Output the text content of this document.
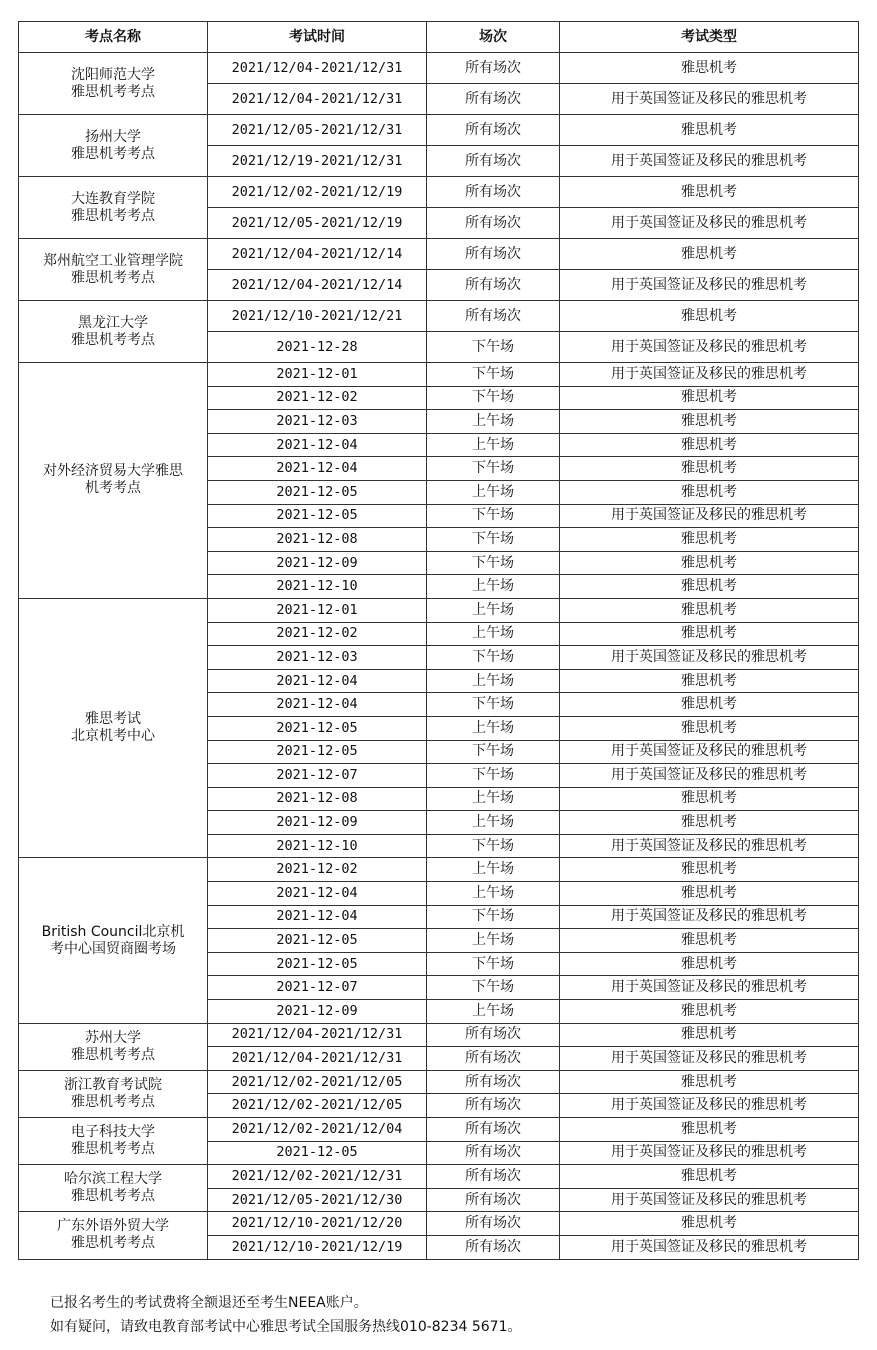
考点名称	考试时间	场次	考试类型
沈阳师范大学
雅思机考考点	2021/12/04-2021/12/31	所有场次	雅思机考
	2021/12/04-2021/12/31	所有场次	用于英国签证及移民的雅思机考
扬州大学
雅思机考考点	2021/12/05-2021/12/31	所有场次	雅思机考
	2021/12/19-2021/12/31	所有场次	用于英国签证及移民的雅思机考
大连教育学院
雅思机考考点	2021/12/02-2021/12/19	所有场次	雅思机考
	2021/12/05-2021/12/19	所有场次	用于英国签证及移民的雅思机考
郑州航空工业管理学院
雅思机考考点	2021/12/04-2021/12/14	所有场次	雅思机考
	2021/12/04-2021/12/14	所有场次	用于英国签证及移民的雅思机考
黑龙江大学
雅思机考考点	2021/12/10-2021/12/21	所有场次	雅思机考
	2021-12-28	下午场	用于英国签证及移民的雅思机考
对外经济贸易大学雅思
机考考点	2021-12-01	下午场	用于英国签证及移民的雅思机考
	2021-12-02	下午场	雅思机考
	2021-12-03	上午场	雅思机考
	2021-12-04	上午场	雅思机考
	2021-12-04	下午场	雅思机考
	2021-12-05	上午场	雅思机考
	2021-12-05	下午场	用于英国签证及移民的雅思机考
	2021-12-08	下午场	雅思机考
	2021-12-09	下午场	雅思机考
	2021-12-10	上午场	雅思机考
雅思考试
北京机考中心	2021-12-01	上午场	雅思机考
	2021-12-02	上午场	雅思机考
	2021-12-03	下午场	用于英国签证及移民的雅思机考
	2021-12-04	上午场	雅思机考
	2021-12-04	下午场	雅思机考
	2021-12-05	上午场	雅思机考
	2021-12-05	下午场	用于英国签证及移民的雅思机考
	2021-12-07	下午场	用于英国签证及移民的雅思机考
	2021-12-08	上午场	雅思机考
	2021-12-09	上午场	雅思机考
	2021-12-10	下午场	用于英国签证及移民的雅思机考
British Council北京机
考中心国贸商圈考场	2021-12-02	上午场	雅思机考
	2021-12-04	上午场	雅思机考
	2021-12-04	下午场	用于英国签证及移民的雅思机考
	2021-12-05	上午场	雅思机考
	2021-12-05	下午场	雅思机考
	2021-12-07	下午场	用于英国签证及移民的雅思机考
	2021-12-09	上午场	雅思机考
苏州大学
雅思机考考点	2021/12/04-2021/12/31	所有场次	雅思机考
	2021/12/04-2021/12/31	所有场次	用于英国签证及移民的雅思机考
浙江教育考试院
雅思机考考点	2021/12/02-2021/12/05	所有场次	雅思机考
	2021/12/02-2021/12/05	所有场次	用于英国签证及移民的雅思机考
电子科技大学
雅思机考考点	2021/12/02-2021/12/04	所有场次	雅思机考
	2021-12-05	所有场次	用于英国签证及移民的雅思机考
哈尔滨工程大学
雅思机考考点	2021/12/02-2021/12/31	所有场次	雅思机考
	2021/12/05-2021/12/30	所有场次	用于英国签证及移民的雅思机考
广东外语外贸大学
雅思机考考点	2021/12/10-2021/12/20	所有场次	雅思机考
	2021/12/10-2021/12/19	所有场次	用于英国签证及移民的雅思机考
已报名考生的考试费将全额退还至考生NEEA账户。
如有疑问，请致电教育部考试中心雅思考试全国服务热线010-8234 5671。
